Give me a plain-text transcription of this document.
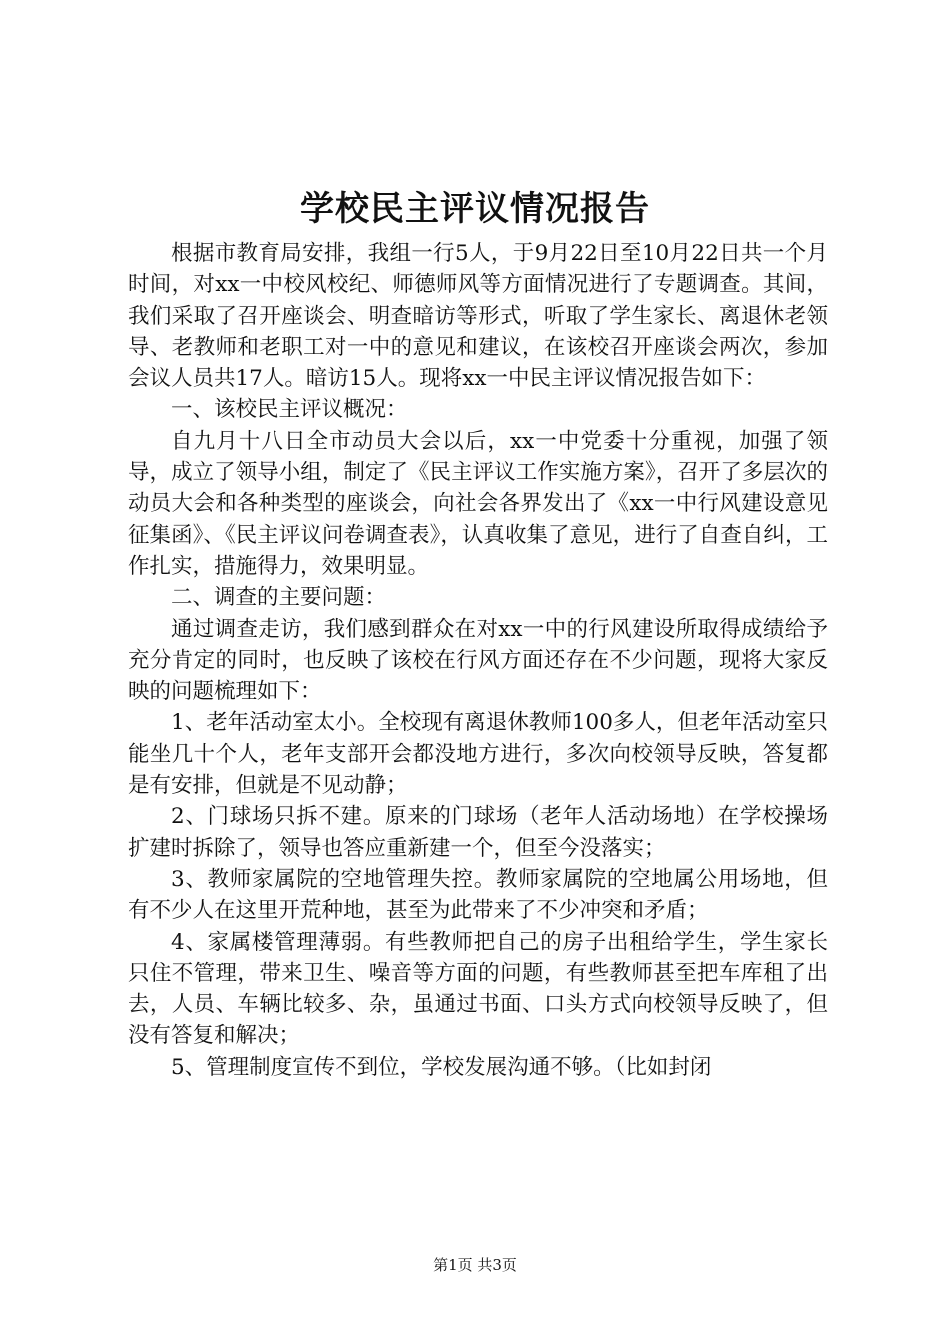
学校民主评议情况报告

根据市教育局安排，我组一行5人，于9月22日至10月22日共一个月时间，对xx一中校风校纪、师德师风等方面情况进行了专题调查。其间，我们采取了召开座谈会、明查暗访等形式，听取了学生家长、离退休老领导、老教师和老职工对一中的意见和建议，在该校召开座谈会两次，参加会议人员共17人。暗访15人。现将xx一中民主评议情况报告如下：

一、该校民主评议概况：

自九月十八日全市动员大会以后，xx一中党委十分重视，加强了领导，成立了领导小组，制定了《民主评议工作实施方案》，召开了多层次的动员大会和各种类型的座谈会，向社会各界发出了《xx一中行风建设意见征集函》、《民主评议问卷调查表》，认真收集了意见，进行了自查自纠，工作扎实，措施得力，效果明显。

二、调查的主要问题：

通过调查走访，我们感到群众在对xx一中的行风建设所取得成绩给予充分肯定的同时，也反映了该校在行风方面还存在不少问题，现将大家反映的问题梳理如下：

1、老年活动室太小。全校现有离退休教师100多人，但老年活动室只能坐几十个人，老年支部开会都没地方进行，多次向校领导反映，答复都是有安排，但就是不见动静；

2、门球场只拆不建。原来的门球场（老年人活动场地）在学校操场扩建时拆除了，领导也答应重新建一个，但至今没落实；

3、教师家属院的空地管理失控。教师家属院的空地属公用场地，但有不少人在这里开荒种地，甚至为此带来了不少冲突和矛盾；

4、家属楼管理薄弱。有些教师把自己的房子出租给学生，学生家长只住不管理，带来卫生、噪音等方面的问题，有些教师甚至把车库租了出去，人员、车辆比较多、杂，虽通过书面、口头方式向校领导反映了，但没有答复和解决；

5、管理制度宣传不到位，学校发展沟通不够。（比如封闭

第1页 共3页
